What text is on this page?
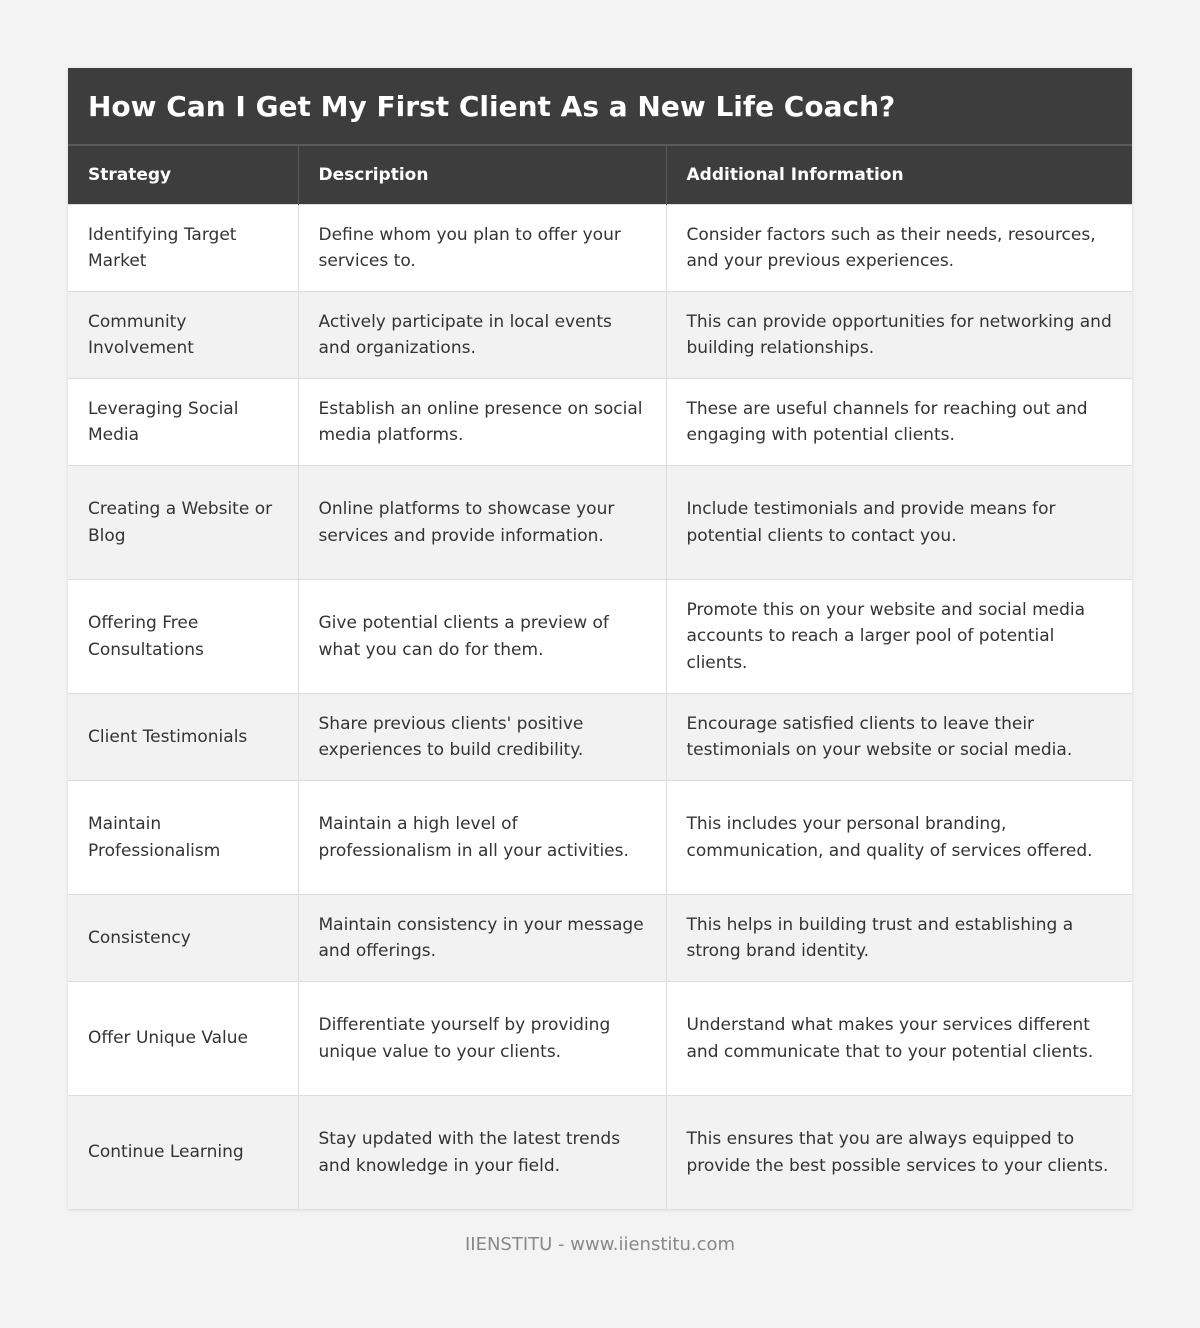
How Can I Get My First Client As a New Life Coach?
Strategy	Description	Additional Information
Identifying Target Market	Define whom you plan to offer your services to.	Consider factors such as their needs, resources, and your previous experiences.
Community Involvement	Actively participate in local events and organizations.	This can provide opportunities for networking and building relationships.
Leveraging Social Media	Establish an online presence on social media platforms.	These are useful channels for reaching out and engaging with potential clients.
Creating a Website or Blog	Online platforms to showcase your services and provide information.	Include testimonials and provide means for potential clients to contact you.
Offering Free Consultations	Give potential clients a preview of what you can do for them.	Promote this on your website and social media accounts to reach a larger pool of potential clients.
Client Testimonials	Share previous clients' positive experiences to build credibility.	Encourage satisfied clients to leave their testimonials on your website or social media.
Maintain Professionalism	Maintain a high level of professionalism in all your activities.	This includes your personal branding, communication, and quality of services offered.
Consistency	Maintain consistency in your message and offerings.	This helps in building trust and establishing a strong brand identity.
Offer Unique Value	Differentiate yourself by providing unique value to your clients.	Understand what makes your services different and communicate that to your potential clients.
Continue Learning	Stay updated with the latest trends and knowledge in your field.	This ensures that you are always equipped to provide the best possible services to your clients.
IIENSTITU - www.iienstitu.com
